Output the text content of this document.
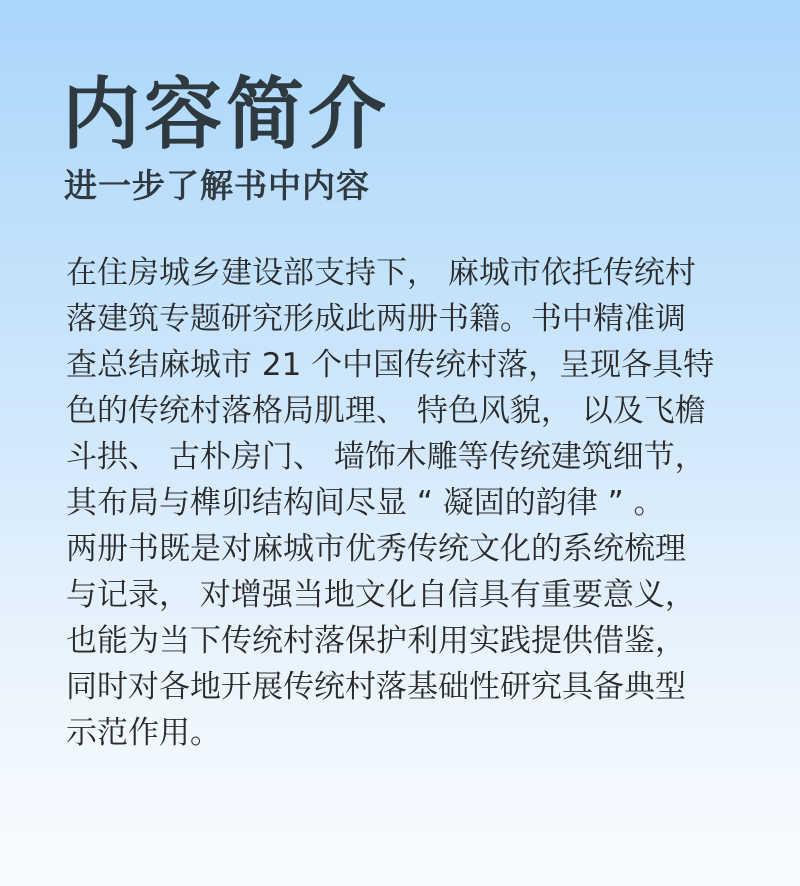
内容简介
进一步了解书中内容
在住房城乡建设部支持下， 麻城市依托传统村
落建筑专题研究形成此两册书籍。书中精准调
查总结麻城市 21 个中国传统村落，呈现各具特
色的传统村落格局肌理、 特色风貌， 以及飞檐
斗拱、 古朴房门、 墙饰木雕等传统建筑细节，
其布局与榫卯结构间尽显 “ 凝固的韵律 ” 。
两册书既是对麻城市优秀传统文化的系统梳理
与记录， 对增强当地文化自信具有重要意义，
也能为当下传统村落保护利用实践提供借鉴，
同时对各地开展传统村落基础性研究具备典型
示范作用。
